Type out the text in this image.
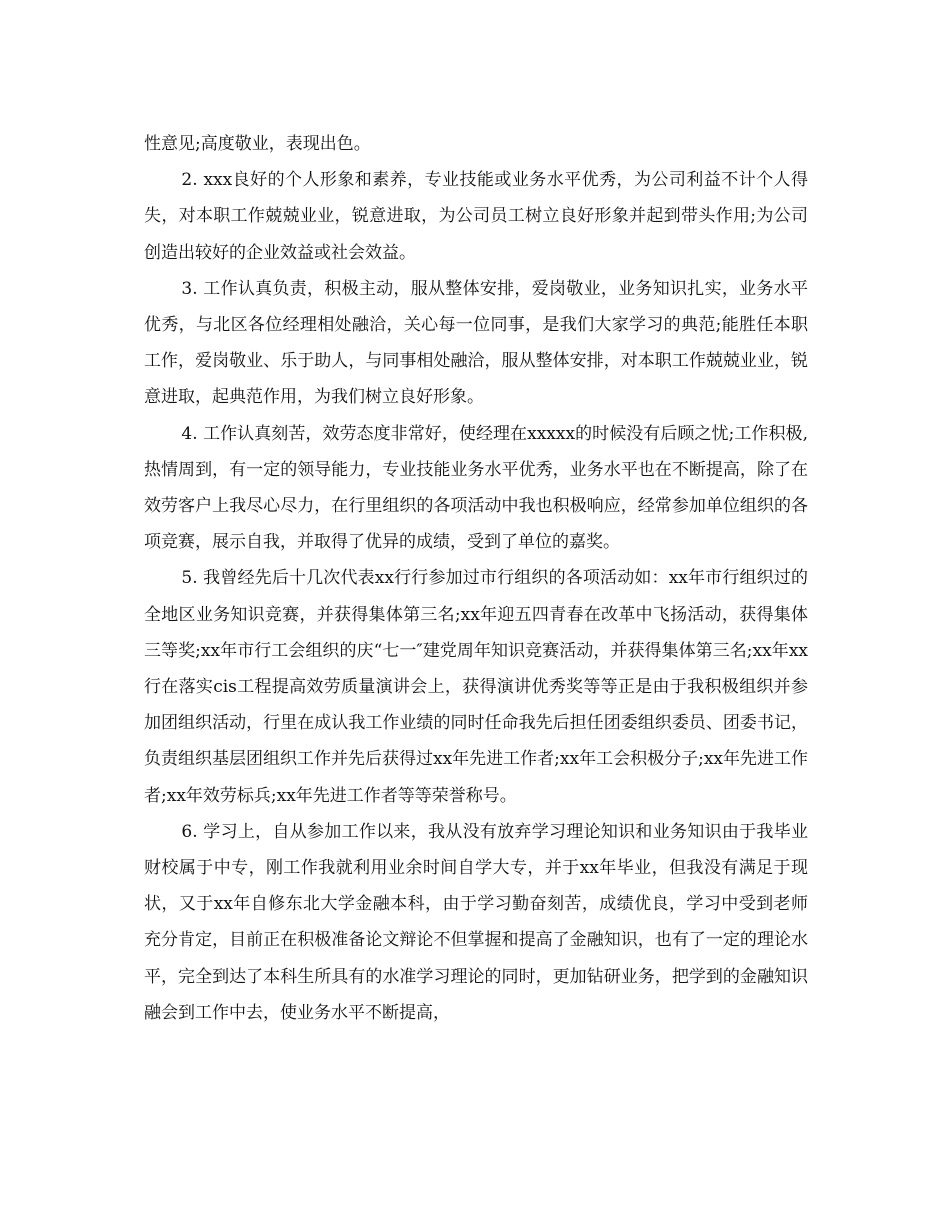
性意见;高度敬业，表现出色。

2. xxx良好的个人形象和素养，专业技能或业务水平优秀，为公司利益不计个人得失，对本职工作兢兢业业，锐意进取，为公司员工树立良好形象并起到带头作用;为公司创造出较好的企业效益或社会效益。

3. 工作认真负责，积极主动，服从整体安排，爱岗敬业，业务知识扎实，业务水平优秀，与北区各位经理相处融洽，关心每一位同事，是我们大家学习的典范;能胜任本职工作，爱岗敬业、乐于助人，与同事相处融洽，服从整体安排，对本职工作兢兢业业，锐意进取，起典范作用，为我们树立良好形象。

4. 工作认真刻苦，效劳态度非常好，使经理在xxxxx的时候没有后顾之忧;工作积极,热情周到，有一定的领导能力，专业技能业务水平优秀，业务水平也在不断提高，除了在效劳客户上我尽心尽力，在行里组织的各项活动中我也积极响应，经常参加单位组织的各项竞赛，展示自我，并取得了优异的成绩，受到了单位的嘉奖。

5. 我曾经先后十几次代表xx行行参加过市行组织的各项活动如：xx年市行组织过的全地区业务知识竞赛，并获得集体第三名;xx年迎五四青春在改革中飞扬活动，获得集体三等奖;xx年市行工会组织的庆“七一″建党周年知识竞赛活动，并获得集体第三名;xx年xx行在落实cis工程提高效劳质量演讲会上，获得演讲优秀奖等等正是由于我积极组织并参加团组织活动，行里在成认我工作业绩的同时任命我先后担任团委组织委员、团委书记，负责组织基层团组织工作并先后获得过xx年先进工作者;xx年工会积极分子;xx年先进工作者;xx年效劳标兵;xx年先进工作者等等荣誉称号。

6. 学习上，自从参加工作以来，我从没有放弃学习理论知识和业务知识由于我毕业财校属于中专，刚工作我就利用业余时间自学大专，并于xx年毕业，但我没有满足于现状，又于xx年自修东北大学金融本科，由于学习勤奋刻苦，成绩优良，学习中受到老师充分肯定，目前正在积极准备论文辩论不但掌握和提高了金融知识，也有了一定的理论水平，完全到达了本科生所具有的水准学习理论的同时，更加钻研业务，把学到的金融知识融会到工作中去，使业务水平不断提高，
